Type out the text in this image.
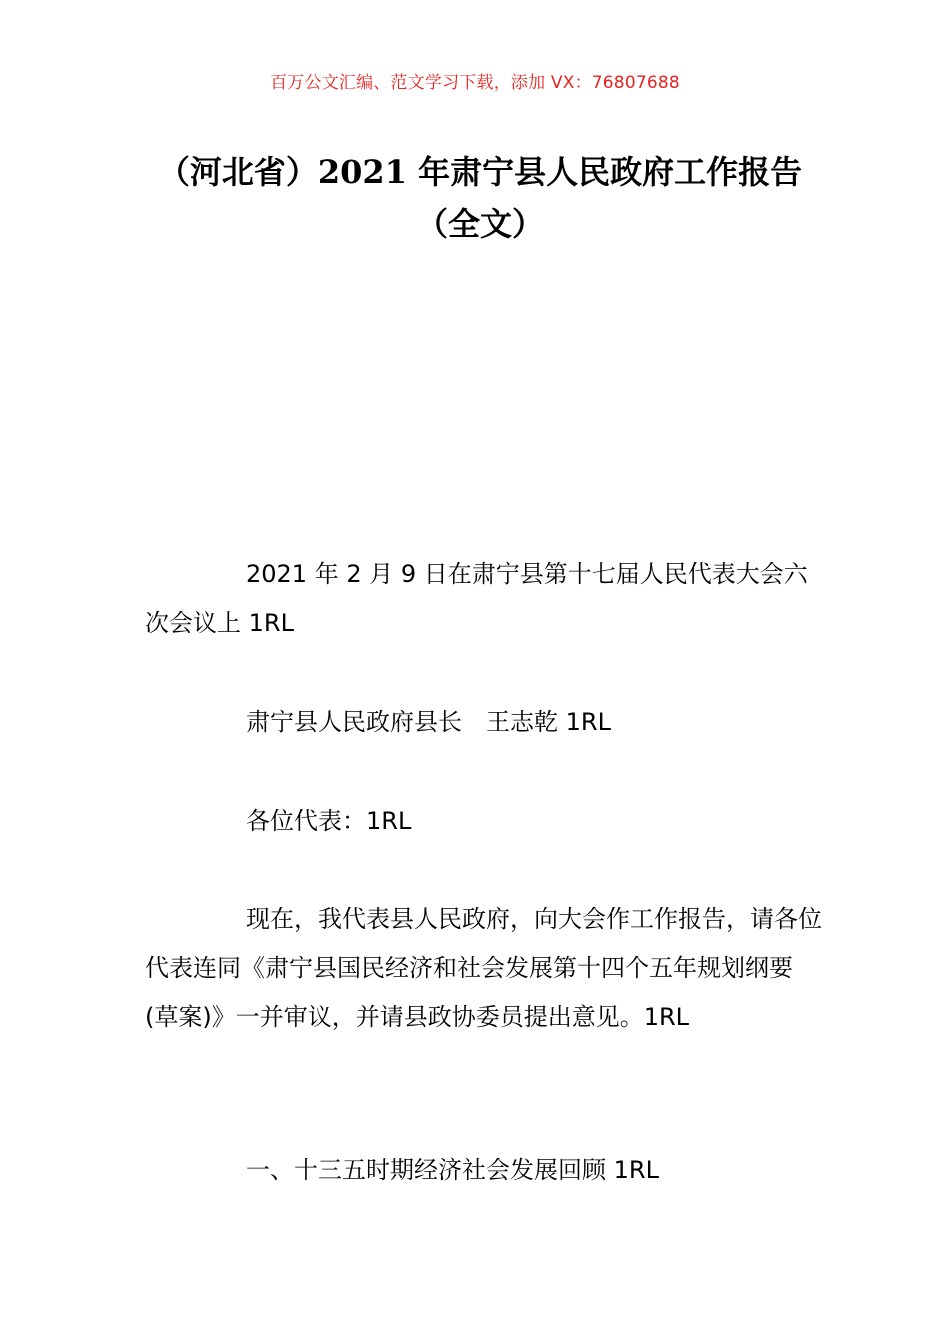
百万公文汇编、范文学习下载，添加 VX：76807688
（河北省）2021 年肃宁县人民政府工作报告（全文）

2021 年 2 月 9 日在肃宁县第十七届人民代表大会六次会议上 1RL

肃宁县人民政府县长　王志乾 1RL

各位代表：1RL

现在，我代表县人民政府，向大会作工作报告，请各位代表连同《肃宁县国民经济和社会发展第十四个五年规划纲要(草案)》一并审议，并请县政协委员提出意见。1RL

一、十三五时期经济社会发展回顾 1RL
